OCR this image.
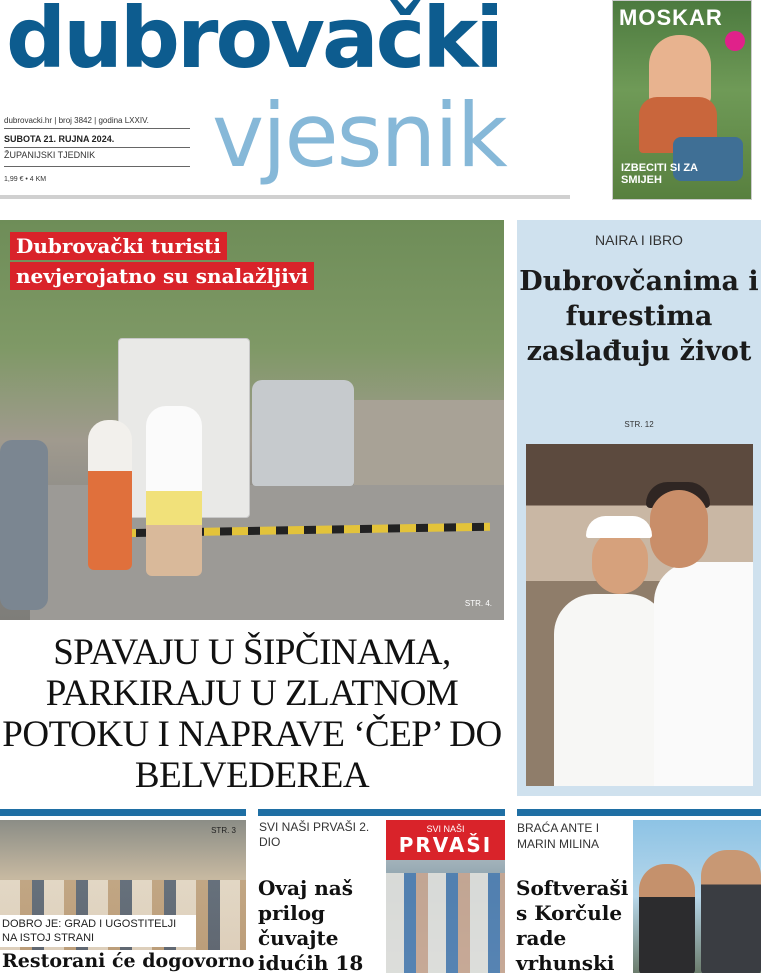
dubrovački
vjesnik
dubrovacki.hr | broj 3842 | godina LXXIV.
SUBOTA 21. RUJNA 2024.
ŽUPANIJSKI TJEDNIK
1,99 € • 4 KM
MOSKAR
IZBECITI SI ZA SMIJEH
Dubrovački turisti
nevjerojatno su snalažljivi
STR. 4.
SPAVAJU U ŠIPČINAMA, PARKIRAJU U ZLATNOM POTOKU I NAPRAVE ‘ČEP’ DO BELVEDEREA
NAIRA I IBRO
Dubrovčanima i furestima zaslađuju život
STR. 12
STR. 3
DOBRO JE: GRAD I UGOSTITELJI NA ISTOJ STRANI
Restorani će dogovorno
SVI NAŠI PRVAŠI 2. DIO
Ovaj naš prilog čuvajte idućih 18
SVI NAŠI
PRVAŠI
BRAĆA ANTE I MARIN MILINA
Softveraši s Korčule rade vrhunski
